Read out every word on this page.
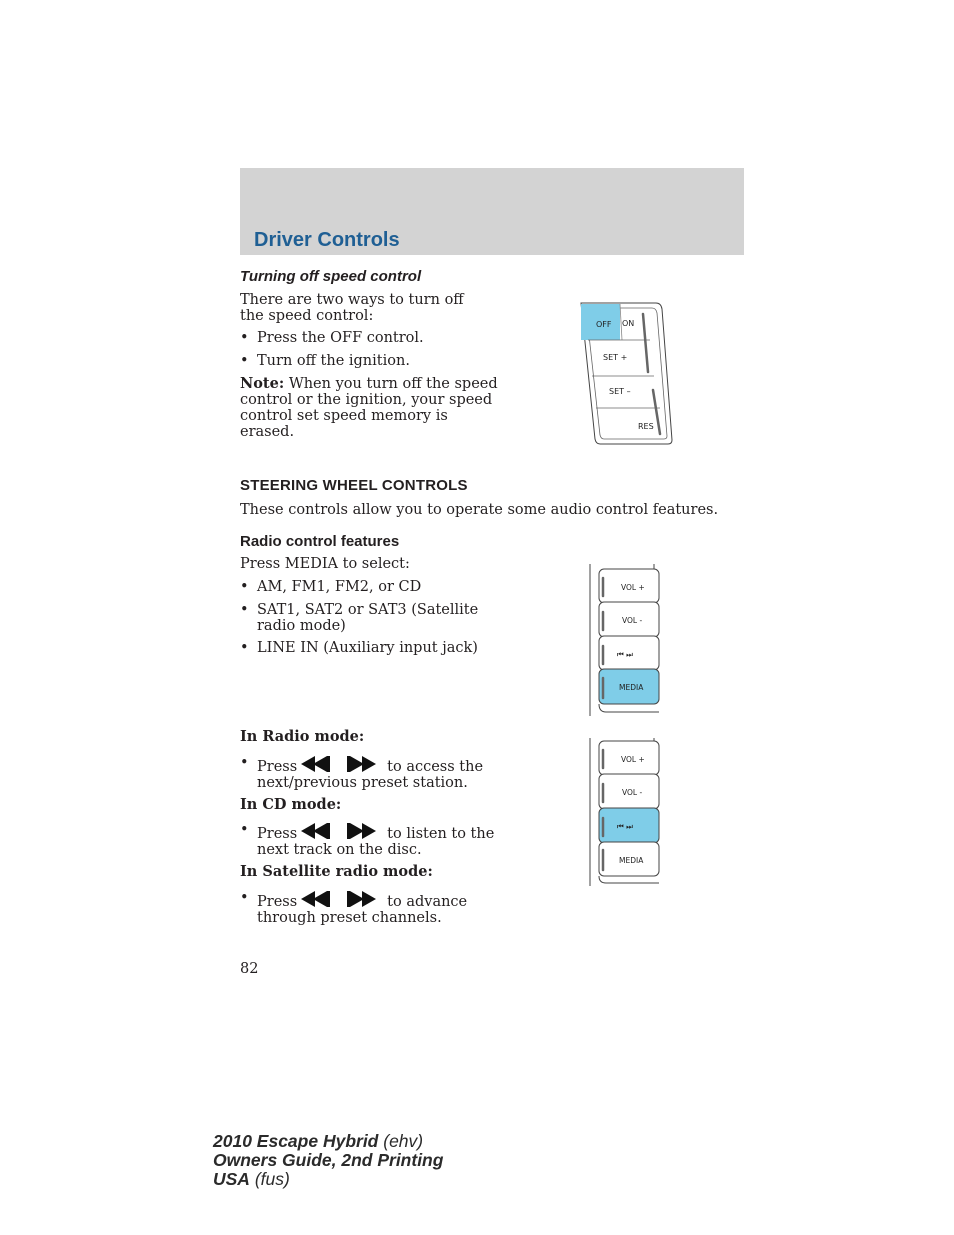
Driver Controls
Turning off speed control
There are two ways to turn off the speed control:
• Press the OFF control.
• Turn off the ignition.
Note: When you turn off the speed control or the ignition, your speed control set speed memory is erased.
OFF ON
SET +
SET –
RES
STEERING WHEEL CONTROLS
These controls allow you to operate some audio control features.
Radio control features
Press MEDIA to select:
• AM, FM1, FM2, or CD
• SAT1, SAT2 or SAT3 (Satellite radio mode)
• LINE IN (Auxiliary input jack)
VOL +
VOL -
⏮ ⏭
MEDIA
VOL +
VOL -
⏮ ⏭
MEDIA
In Radio mode:
• Press	to access the
next/previous preset station.
In CD mode:
• Press	to listen to the
next track on the disc.
In Satellite radio mode:
• Press	to advance
through preset channels.
82
2010 Escape Hybrid (ehv)
Owners Guide, 2nd Printing
USA (fus)
